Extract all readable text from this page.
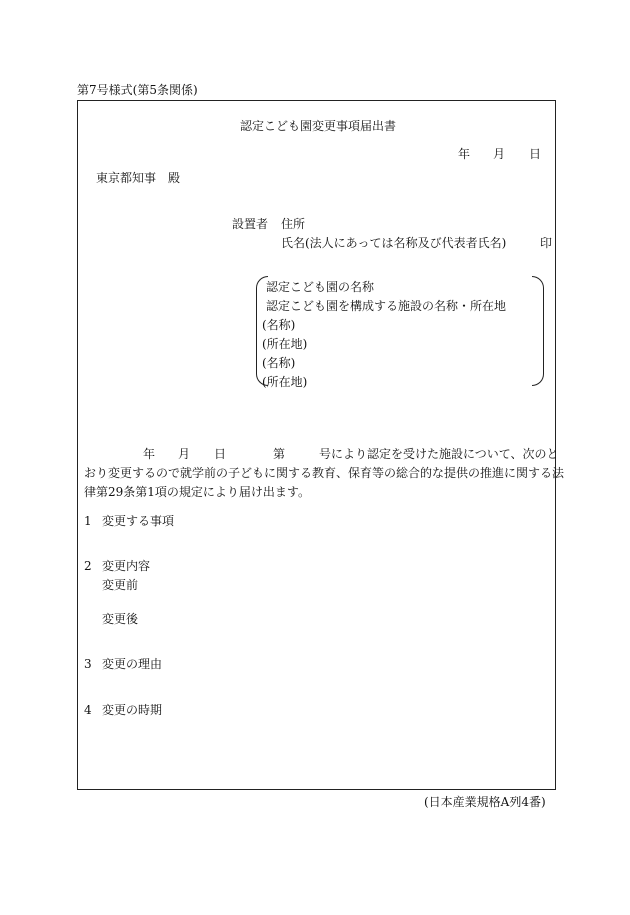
第7号様式(第5条関係)
認定こども園変更事項届出書
年 月 日
東京都知事　殿
設置者 住所
氏名(法人にあっては名称及び代表者氏名)	印
認定こども園の名称
認定こども園を構成する施設の名称・所在地
(名称)
(所在地)
(名称)
(所在地)
年 月 日	第	号により認定を受けた施設について、次のと
おり変更するので就学前の子どもに関する教育、保育等の総合的な提供の推進に関する法
律第29条第1項の規定により届け出ます。
1 変更する事項
2 変更内容
変更前
変更後
3 変更の理由
4 変更の時期
(日本産業規格A列4番)
